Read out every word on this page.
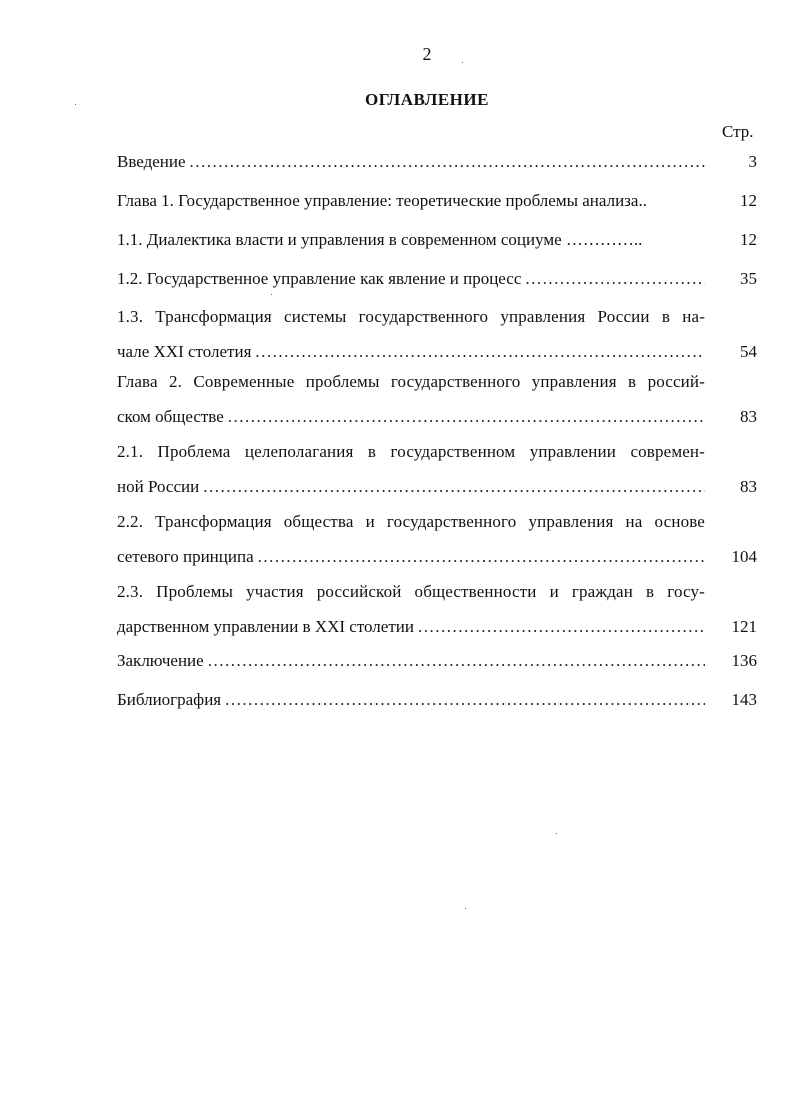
2
ОГЛАВЛЕНИЕ
Стр.
Введение .....	3
Глава 1. Государственное управление: теоретические проблемы анализа..	12
1.1. Диалектика власти и управления в современном социуме …………..	12
1.2. Государственное управление как явление и процесс .....	35
1.3. Трансформация системы государственного управления России в на-
чале XXI столетия .....	54
Глава 2. Современные проблемы государственного управления в россий-
ском обществе .....	83
2.1. Проблема целеполагания в государственном управлении современ-
ной России .....	83
2.2. Трансформация общества и государственного управления на основе
сетевого принципа .....	104
2.3. Проблемы участия российской общественности и граждан в госу-
дарственном управлении в XXI столетии .....	121
Заключение .....	136
Библиография .....	143
